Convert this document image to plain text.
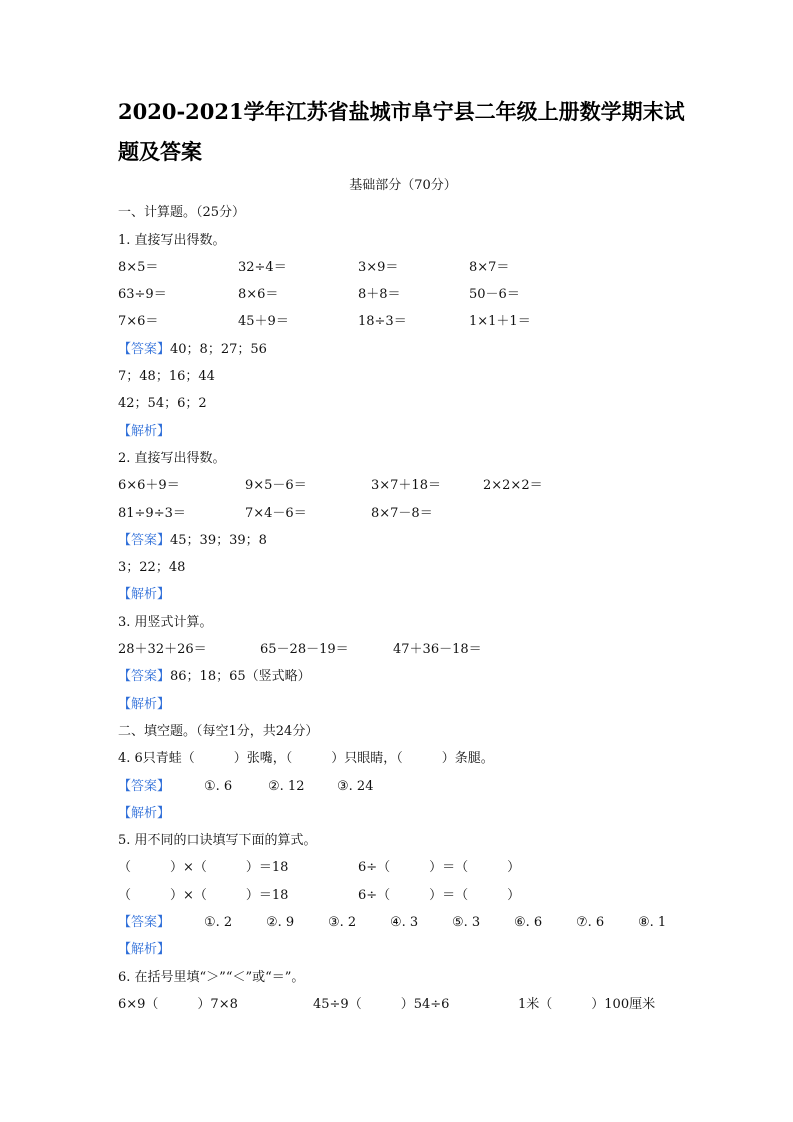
2020-2021学年江苏省盐城市阜宁县二年级上册数学期末试题及答案
基础部分（70分）
一、计算题。（25分）
1. 直接写出得数。
8×5＝	32÷4＝	3×9＝	8×7＝
63÷9＝	8×6＝	8＋8＝	50－6＝
7×6＝	45＋9＝	18÷3＝	1×1＋1＝
【答案】40；8；27；56
7；48；16；44
42；54；6；2
【解析】
2. 直接写出得数。
6×6＋9＝	9×5－6＝	3×7＋18＝	2×2×2＝
81÷9÷3＝	7×4－6＝	8×7－8＝
【答案】45；39；39；8
3；22；48
【解析】
3. 用竖式计算。
28＋32＋26＝	65－28－19＝	47＋36－18＝
【答案】86；18；65（竖式略）
【解析】
二、填空题。（每空1分，共24分）
4. 6只青蛙（　　　）张嘴，（　　　）只眼睛，（　　　）条腿。
【答案】	①. 6	②. 12	③. 24
【解析】
5. 用不同的口诀填写下面的算式。
（　　　）×（　　　）＝18	6÷（　　　）＝（　　　）
（　　　）×（　　　）＝18	6÷（　　　）＝（　　　）
【答案】	①. 2	②. 9	③. 2	④. 3	⑤. 3	⑥. 6	⑦. 6	⑧. 1
【解析】
6. 在括号里填“＞”“＜”或“＝”。
6×9（　　　）7×8	45÷9（　　　）54÷6	1米（　　　）100厘米
